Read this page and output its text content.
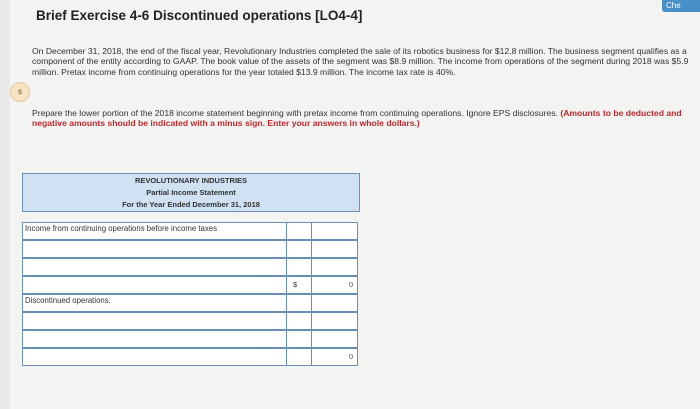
Che
s
Brief Exercise 4-6 Discontinued operations [LO4-4]
On December 31, 2018, the end of the fiscal year, Revolutionary Industries completed the sale of its robotics business for $12.8 million. The business segment qualifies as a component of the entity according to GAAP. The book value of the assets of the segment was $8.9 million. The income from operations of the segment during 2018 was $5.9 million. Pretax income from continuing operations for the year totaled $13.9 million. The income tax rate is 40%.
Prepare the lower portion of the 2018 income statement beginning with pretax income from continuing operations. Ignore EPS disclosures. (Amounts to be deducted and negative amounts should be indicated with a minus sign. Enter your answers in whole dollars.)
REVOLUTIONARY INDUSTRIES
Partial Income Statement
For the Year Ended December 31, 2018
Income from continuing operations before income taxes
$	0
Discontinued operations:
0
